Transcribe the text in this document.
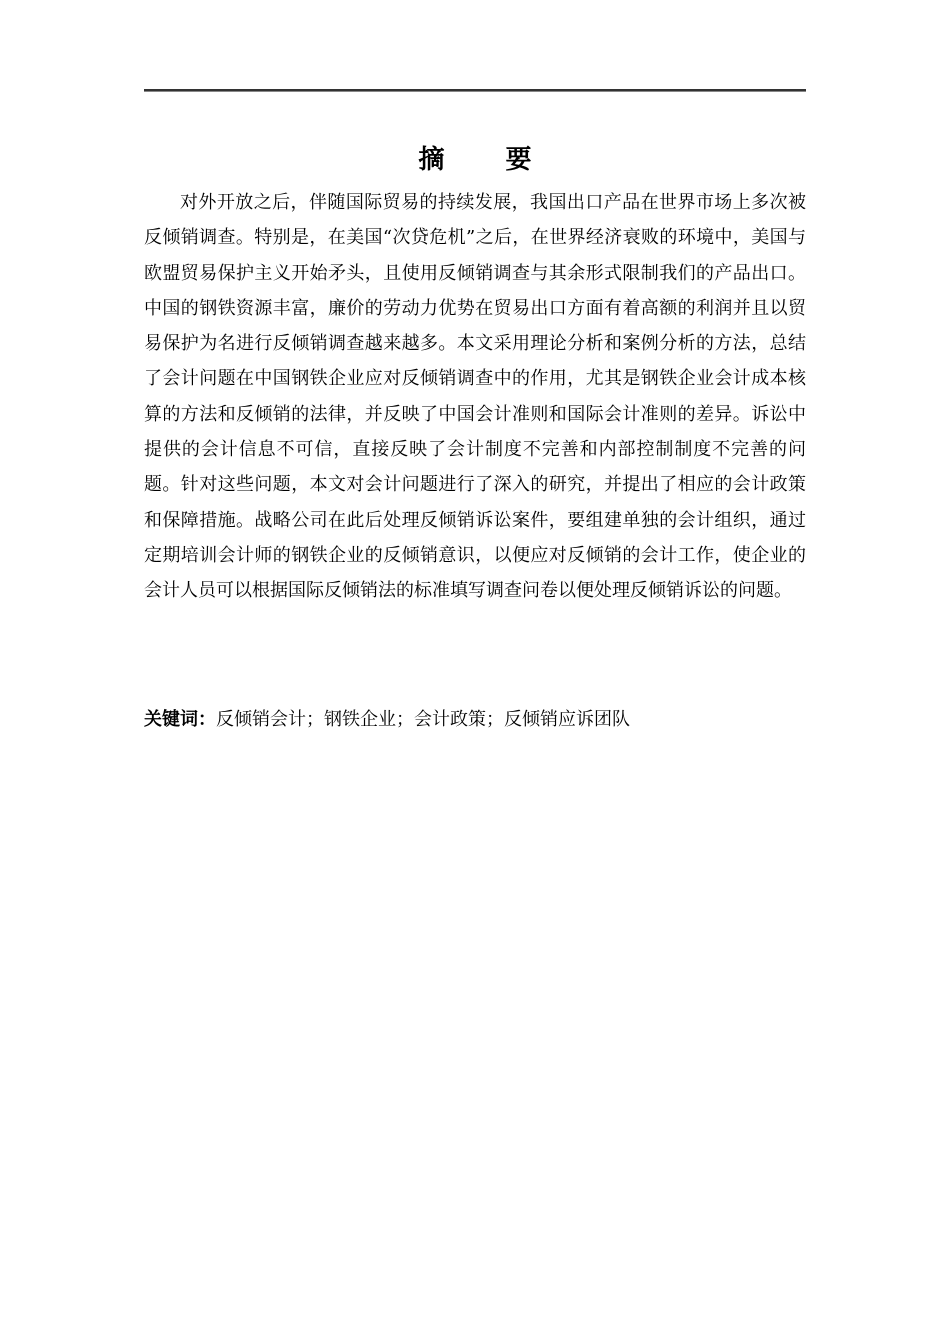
摘 要

对外开放之后，伴随国际贸易的持续发展，我国出口产品在世界市场上多次被反倾销调查。特别是，在美国“次贷危机”之后，在世界经济衰败的环境中，美国与欧盟贸易保护主义开始矛头，且使用反倾销调查与其余形式限制我们的产品出口。中国的钢铁资源丰富，廉价的劳动力优势在贸易出口方面有着高额的利润并且以贸易保护为名进行反倾销调查越来越多。本文采用理论分析和案例分析的方法，总结了会计问题在中国钢铁企业应对反倾销调查中的作用，尤其是钢铁企业会计成本核算的方法和反倾销的法律，并反映了中国会计准则和国际会计准则的差异。诉讼中提供的会计信息不可信，直接反映了会计制度不完善和内部控制制度不完善的问题。针对这些问题，本文对会计问题进行了深入的研究，并提出了相应的会计政策和保障措施。战略公司在此后处理反倾销诉讼案件，要组建单独的会计组织，通过定期培训会计师的钢铁企业的反倾销意识，以便应对反倾销的会计工作，使企业的会计人员可以根据国际反倾销法的标准填写调查问卷以便处理反倾销诉讼的问题。

关键词：反倾销会计；钢铁企业；会计政策；反倾销应诉团队
